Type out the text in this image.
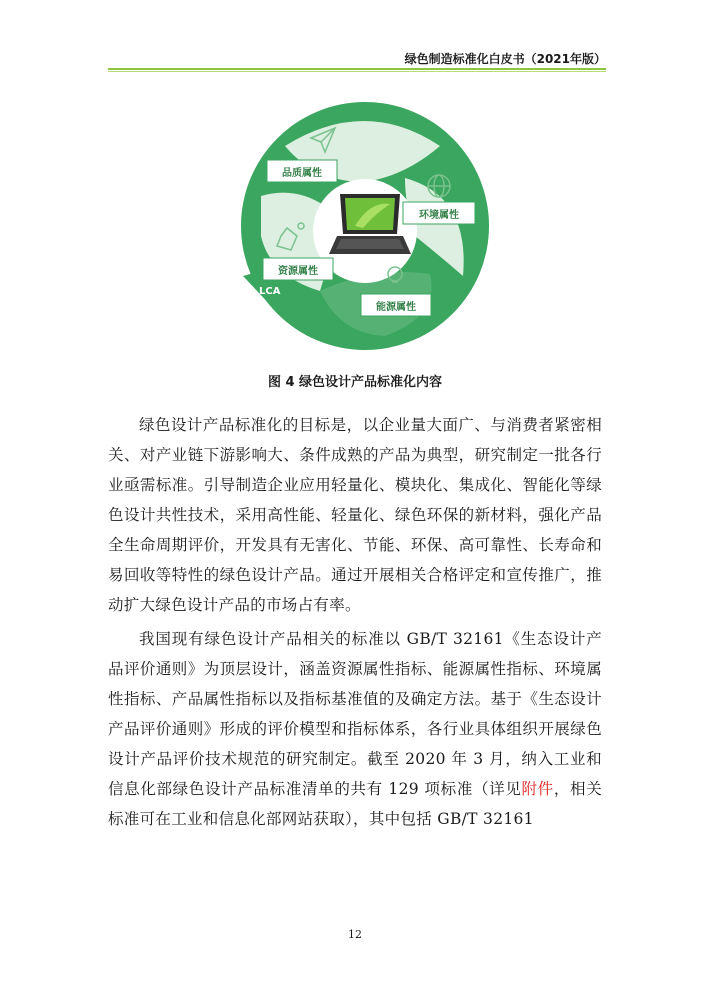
绿色制造标准化白皮书（2021年版）
品质属性
环境属性
资源属性
能源属性
LCA
图 4 绿色设计产品标准化内容

绿色设计产品标准化的目标是，以企业量大面广、与消费者紧密相关、对产业链下游影响大、条件成熟的产品为典型，研究制定一批各行业亟需标准。引导制造企业应用轻量化、模块化、集成化、智能化等绿色设计共性技术，采用高性能、轻量化、绿色环保的新材料，强化产品全生命周期评价，开发具有无害化、节能、环保、高可靠性、长寿命和易回收等特性的绿色设计产品。通过开展相关合格评定和宣传推广，推动扩大绿色设计产品的市场占有率。

我国现有绿色设计产品相关的标准以 GB/T 32161《生态设计产品评价通则》为顶层设计，涵盖资源属性指标、能源属性指标、环境属性指标、产品属性指标以及指标基准值的及确定方法。基于《生态设计产品评价通则》形成的评价模型和指标体系，各行业具体组织开展绿色设计产品评价技术规范的研究制定。截至 2020 年 3 月，纳入工业和信息化部绿色设计产品标准清单的共有 129 项标准（详见附件，相关标准可在工业和信息化部网站获取），其中包括 GB/T 32161

12
